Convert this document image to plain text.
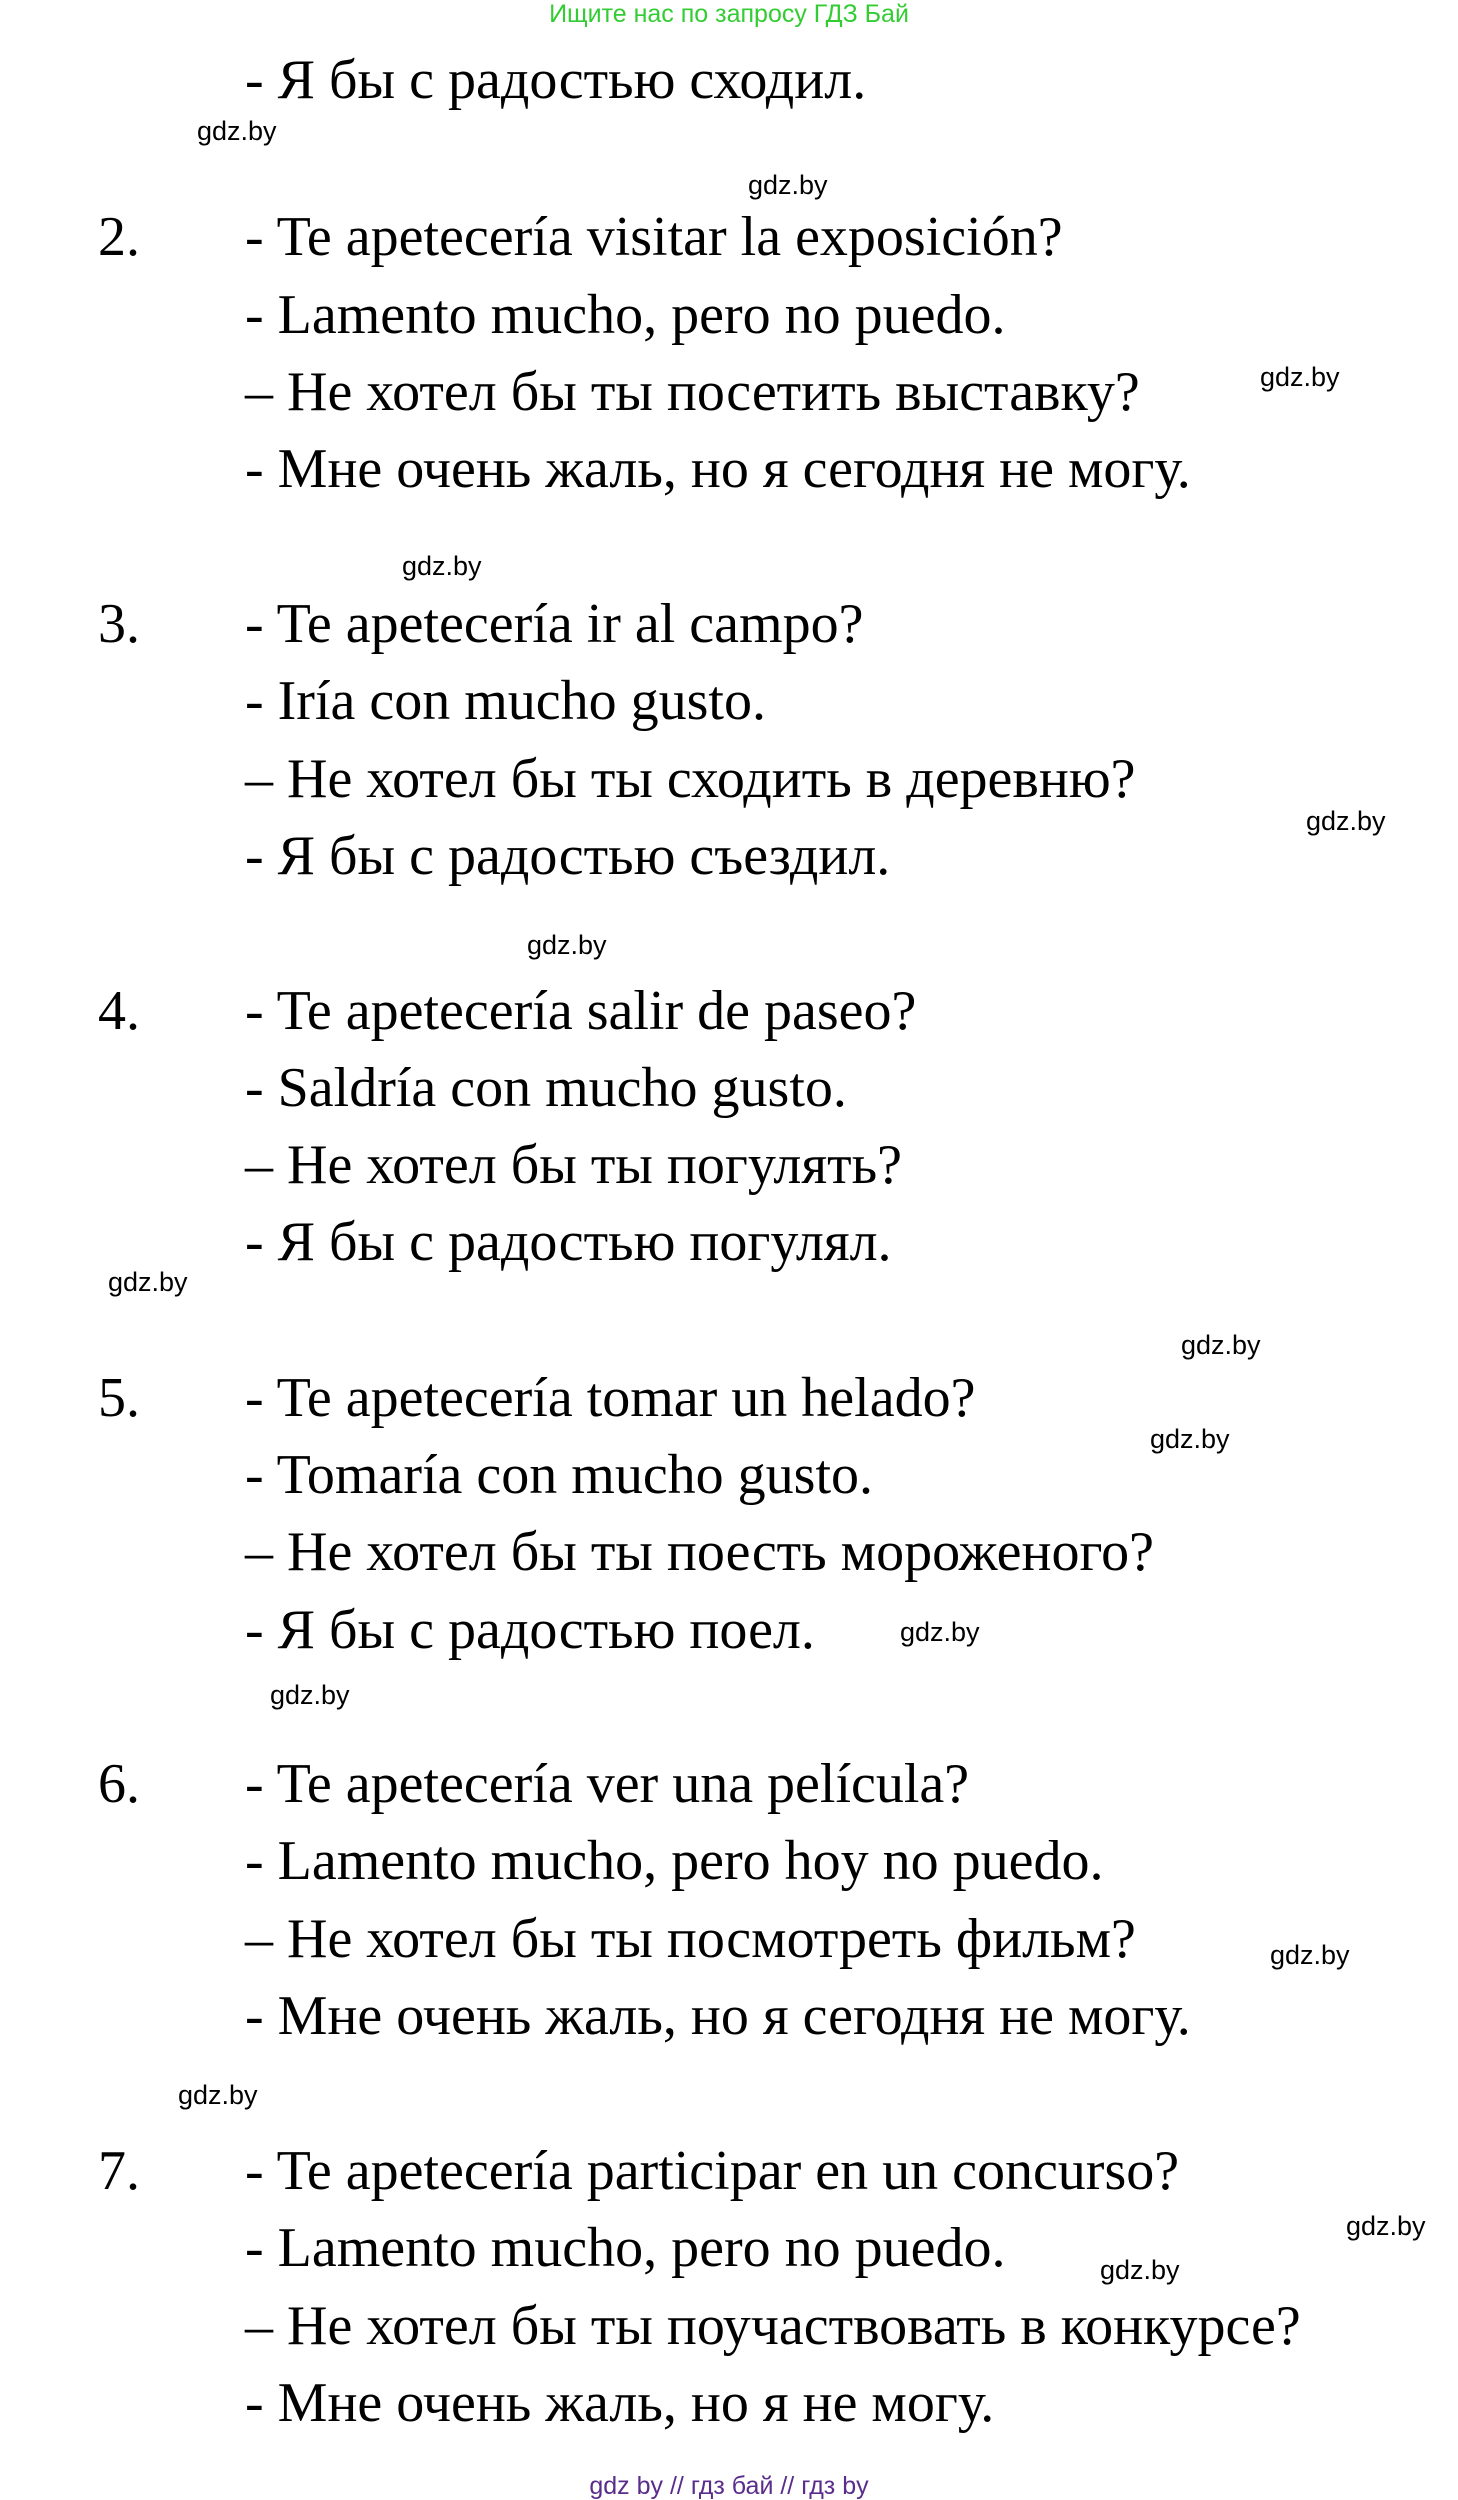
Ищите нас по запросу ГДЗ Бай
- Я бы с радостью сходил.
2. - Te apetecería visitar la exposición?
- Lamento mucho, pero no puedo.
– Не хотел бы ты посетить выставку?
- Мне очень жаль, но я сегодня не могу.
3. - Te apetecería ir al campo?
- Iría con mucho gusto.
– Не хотел бы ты сходить в деревню?
- Я бы с радостью съездил.
4. - Te apetecería salir de paseo?
- Saldría con mucho gusto.
– Не хотел бы ты погулять?
- Я бы с радостью погулял.
5. - Te apetecería tomar un helado?
- Tomaría con mucho gusto.
– Не хотел бы ты поесть мороженого?
- Я бы с радостью поел.
6. - Te apetecería ver una película?
- Lamento mucho, pero hoy no puedo.
– Не хотел бы ты посмотреть фильм?
- Мне очень жаль, но я сегодня не могу.
7. - Te apetecería participar en un concurso?
- Lamento mucho, pero no puedo.
– Не хотел бы ты поучаствовать в конкурсе?
- Мне очень жаль, но я не могу.
gdz.by
gdz.by
gdz.by
gdz.by
gdz.by
gdz.by
gdz.by
gdz.by
gdz.by
gdz.by
gdz.by
gdz.by
gdz.by
gdz.by
gdz.by
gdz by // гдз бай // гдз by
